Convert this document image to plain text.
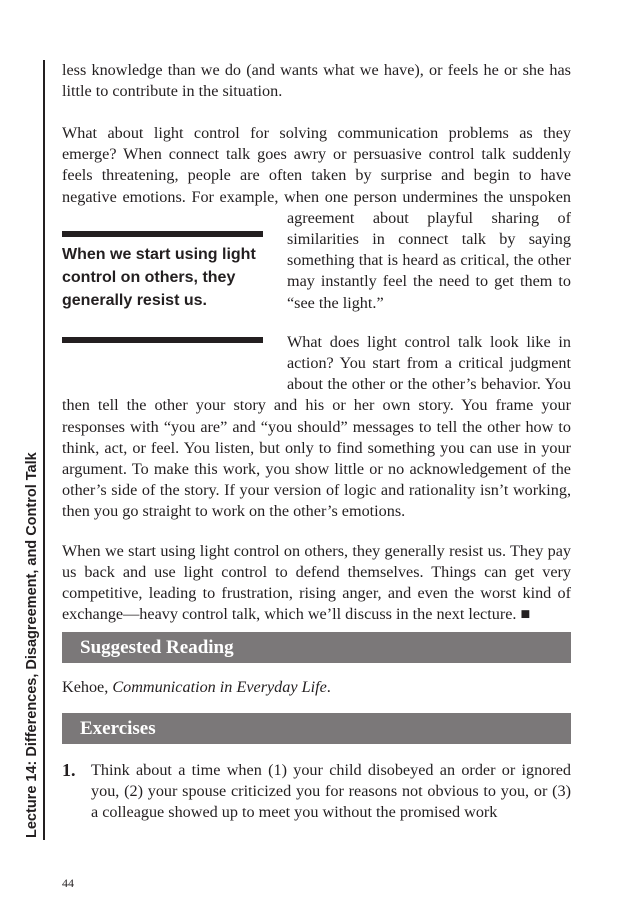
Lecture 14: Differences, Disagreement, and Control Talk
less knowledge than we do (and wants what we have), or feels he or she has little to contribute in the situation.
When we start using light control on others, they generally resist us.

What about light control for solving communication problems as they emerge? When connect talk goes awry or persuasive control talk suddenly feels threatening, people are often taken by surprise and begin to have negative emotions. For example, when one person undermines the unspoken agreement about playful sharing of similarities in connect talk by saying something that is heard as critical, the other may instantly feel the need to get them to “see the light.”

What does light control talk look like in action? You start from a critical judgment about the other or the other’s behavior. You then tell the other your story and his or her own story. You frame your responses with “you are” and “you should” messages to tell the other how to think, act, or feel. You listen, but only to find something you can use in your argument. To make this work, you show little or no acknowledgement of the other’s side of the story. If your version of logic and rationality isn’t working, then you go straight to work on the other’s emotions.

When we start using light control on others, they generally resist us. They pay us back and use light control to defend themselves. Things can get very competitive, leading to frustration, rising anger, and even the worst kind of exchange—heavy control talk, which we’ll discuss in the next lecture. ■

Suggested Reading
Kehoe, Communication in Everyday Life.
Exercises
1. Think about a time when (1) your child disobeyed an order or ignored you, (2) your spouse criticized you for reasons not obvious to you, or (3) a colleague showed up to meet you without the promised work
44
